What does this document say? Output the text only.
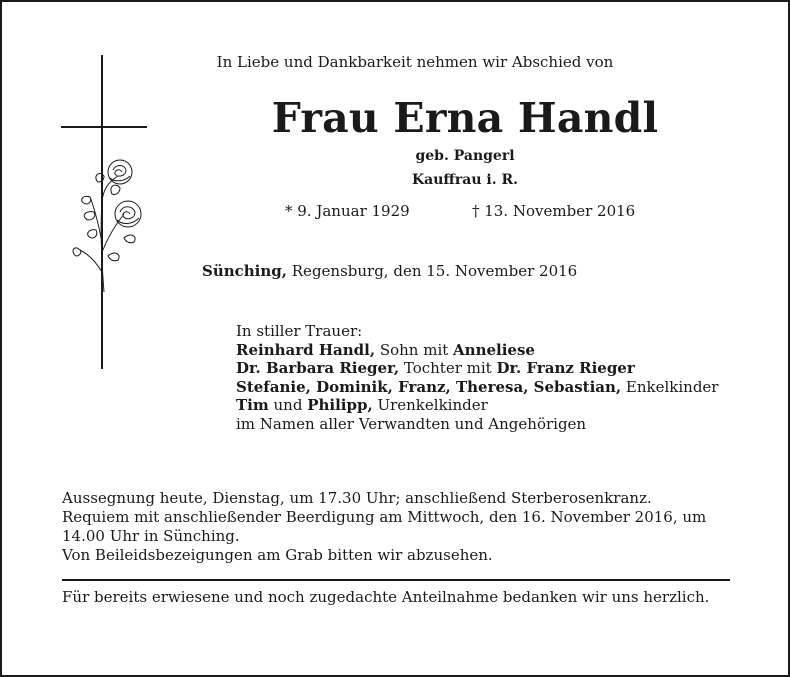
In Liebe und Dankbarkeit nehmen wir Abschied von
Frau Erna Handl
geb. Pangerl
Kauffrau i. R.
* 9. Januar 1929	† 13. November 2016
Sünching, Regensburg, den 15. November 2016
In stiller Trauer:
Reinhard Handl, Sohn mit Anneliese
Dr. Barbara Rieger, Tochter mit Dr. Franz Rieger
Stefanie, Dominik, Franz, Theresa, Sebastian, Enkelkinder
Tim und Philipp, Urenkelkinder
im Namen aller Verwandten und Angehörigen
Aussegnung heute, Dienstag, um 17.30 Uhr; anschließend Sterberosenkranz.
Requiem mit anschließender Beerdigung am Mittwoch, den 16. November 2016, um 14.00 Uhr in Sünching.
Von Beileidsbezeigungen am Grab bitten wir abzusehen.
Für bereits erwiesene und noch zugedachte Anteilnahme bedanken wir uns herzlich.
